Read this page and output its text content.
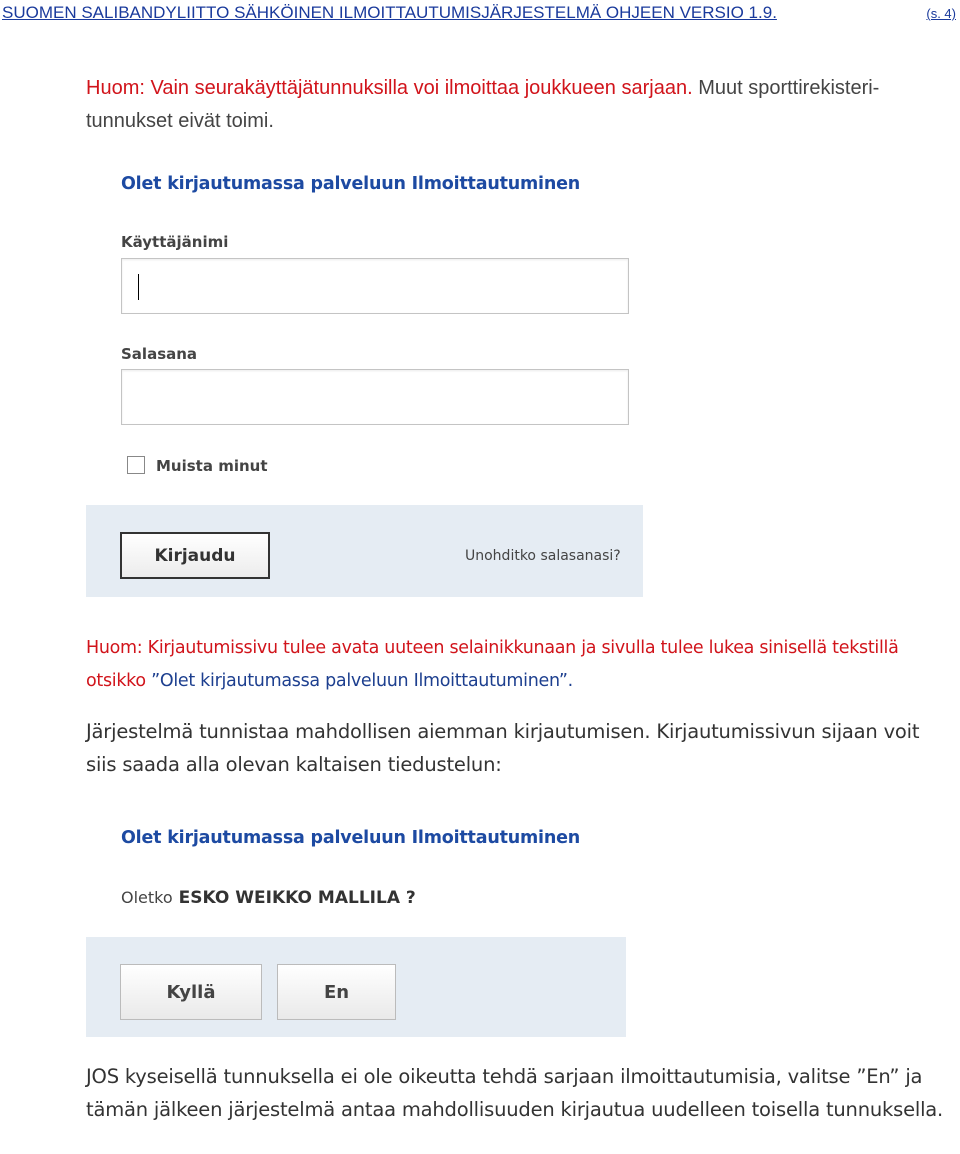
SUOMEN SALIBANDYLIITTO SÄHKÖINEN ILMOITTAUTUMISJÄRJESTELMÄ OHJEEN VERSIO 1.9.	(s. 4)
Huom: Vain seurakäyttäjätunnuksilla voi ilmoittaa joukkueen sarjaan. Muut sporttirekisteri-tunnukset eivät toimi.
Olet kirjautumassa palveluun Ilmoittautuminen
Käyttäjänimi
Salasana
Muista minut
Kirjaudu	Unohditko salasanasi?
Huom: Kirjautumissivu tulee avata uuteen selainikkunaan ja sivulla tulee lukea sinisellä tekstillä otsikko ”Olet kirjautumassa palveluun Ilmoittautuminen”.
Järjestelmä tunnistaa mahdollisen aiemman kirjautumisen. Kirjautumissivun sijaan voit siis saada alla olevan kaltaisen tiedustelun:
Olet kirjautumassa palveluun Ilmoittautuminen
Oletko ESKO WEIKKO MALLILA ?
Kyllä	En
JOS kyseisellä tunnuksella ei ole oikeutta tehdä sarjaan ilmoittautumisia, valitse ”En” ja tämän jälkeen järjestelmä antaa mahdollisuuden kirjautua uudelleen toisella tunnuksella.
